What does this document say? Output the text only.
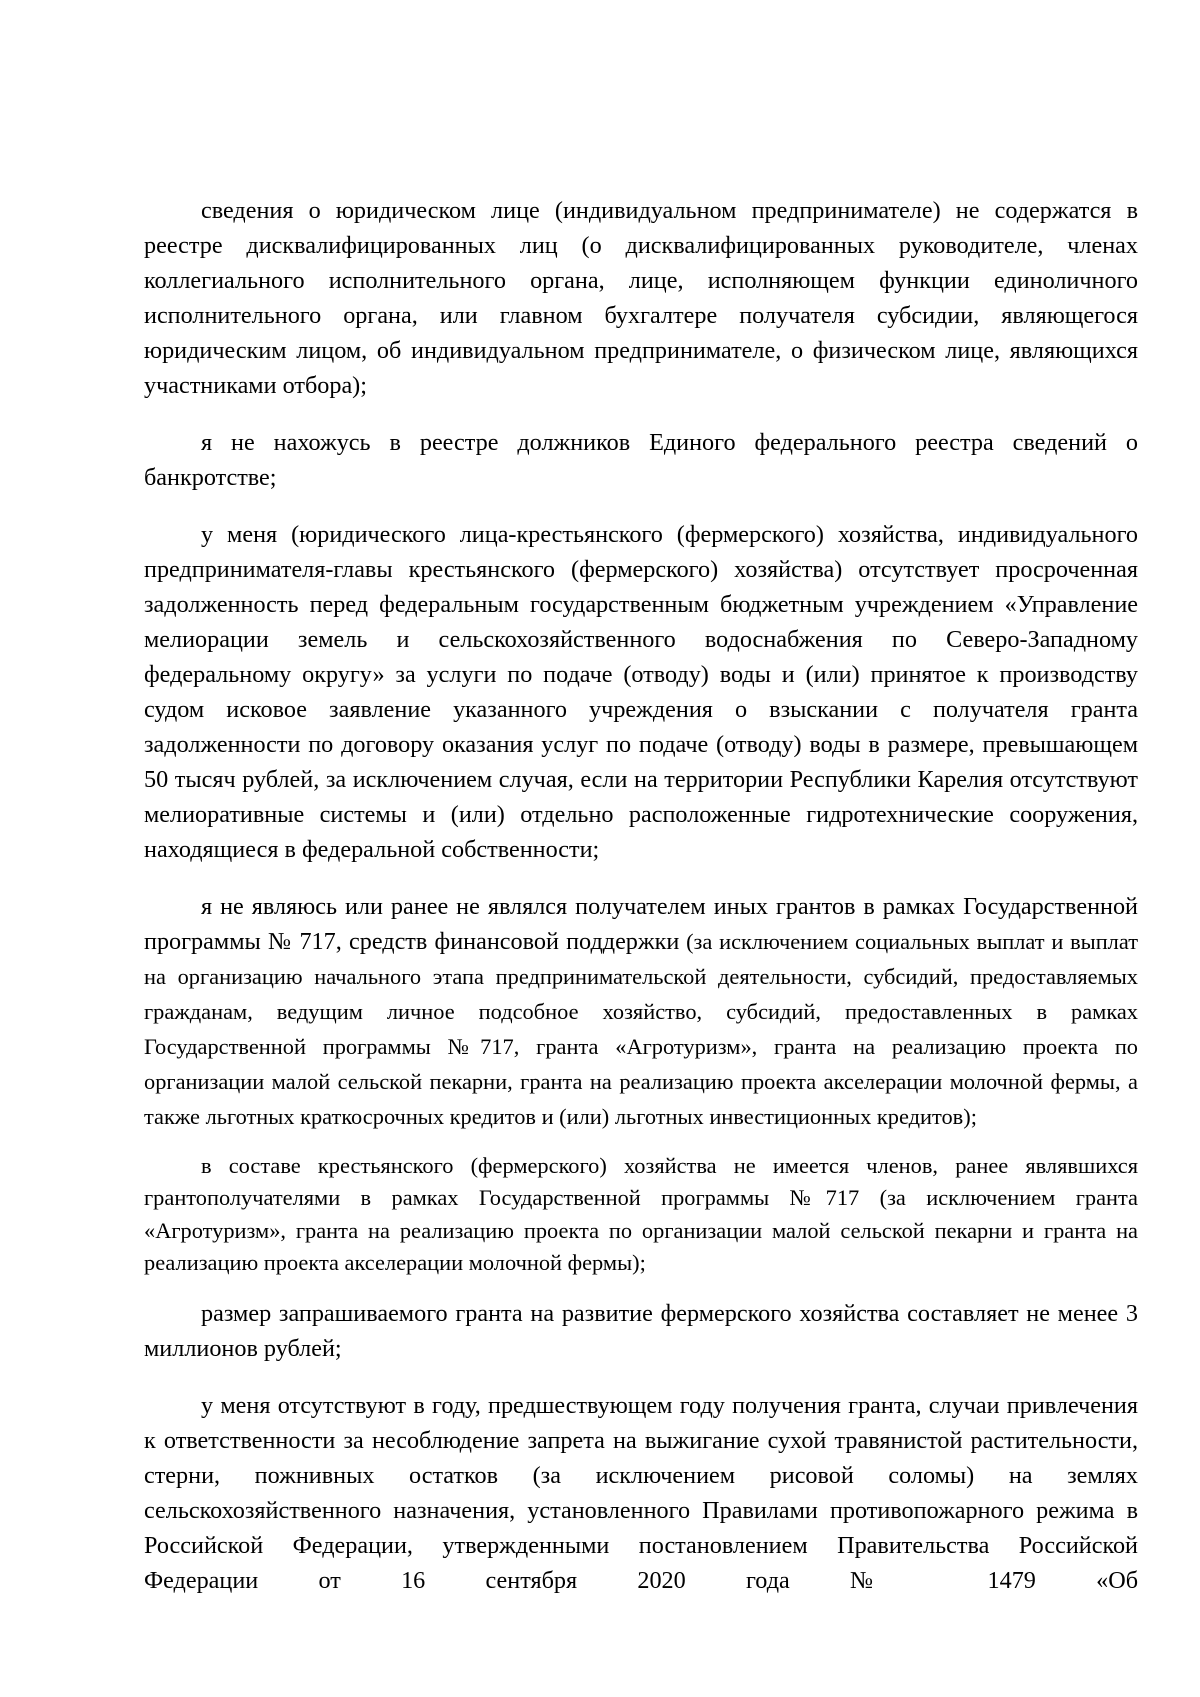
сведения о юридическом лице (индивидуальном предпринимателе) не содержатся в реестре дисквалифицированных лиц (о дисквалифицированных руководителе, членах коллегиального исполнительного органа, лице, исполняющем функции единоличного исполнительного органа, или главном бухгалтере получателя субсидии, являющегося юридическим лицом, об индивидуальном предпринимателе, о физическом лице, являющихся участниками отбора);

я не нахожусь в реестре должников Единого федерального реестра сведений о банкротстве;

у меня (юридического лица-крестьянского (фермерского) хозяйства, индивидуального предпринимателя-главы крестьянского (фермерского) хозяйства) отсутствует просроченная задолженность перед федеральным государственным бюджетным учреждением «Управление мелиорации земель и сельскохозяйственного водоснабжения по Северо-Западному федеральному округу» за услуги по подаче (отводу) воды и (или) принятое к производству судом исковое заявление указанного учреждения о взыскании с получателя гранта задолженности по договору оказания услуг по подаче (отводу) воды в размере, превышающем 50 тысяч рублей, за исключением случая, если на территории Республики Карелия отсутствуют мелиоративные системы и (или) отдельно расположенные гидротехнические сооружения, находящиеся в федеральной собственности;

я не являюсь или ранее не являлся получателем иных грантов в рамках Государственной программы № 717, средств финансовой поддержки (за исключением социальных выплат и выплат на организацию начального этапа предпринимательской деятельности, субсидий, предоставляемых гражданам, ведущим личное подсобное хозяйство, субсидий, предоставленных в рамках Государственной программы №717, гранта «Агротуризм», гранта на реализацию проекта по организации малой сельской пекарни, гранта на реализацию проекта акселерации молочной фермы, а также льготных краткосрочных кредитов и (или) льготных инвестиционных кредитов);

в составе крестьянского (фермерского) хозяйства не имеется членов, ранее являвшихся грантополучателями в рамках Государственной программы №717 (за исключением гранта «Агротуризм», гранта на реализацию проекта по организации малой сельской пекарни и гранта на реализацию проекта акселерации молочной фермы);

размер запрашиваемого гранта на развитие фермерского хозяйства составляет не менее 3 миллионов рублей;

у меня отсутствуют в году, предшествующем году получения гранта, случаи привлечения к ответственности за несоблюдение запрета на выжигание сухой травянистой растительности, стерни, пожнивных остатков (за исключением рисовой соломы) на землях сельскохозяйственного назначения, установленного Правилами противопожарного режима в Российской Федерации, утвержденными постановлением Правительства Российской Федерации от 16 сентября 2020 года № 1479 «Об
